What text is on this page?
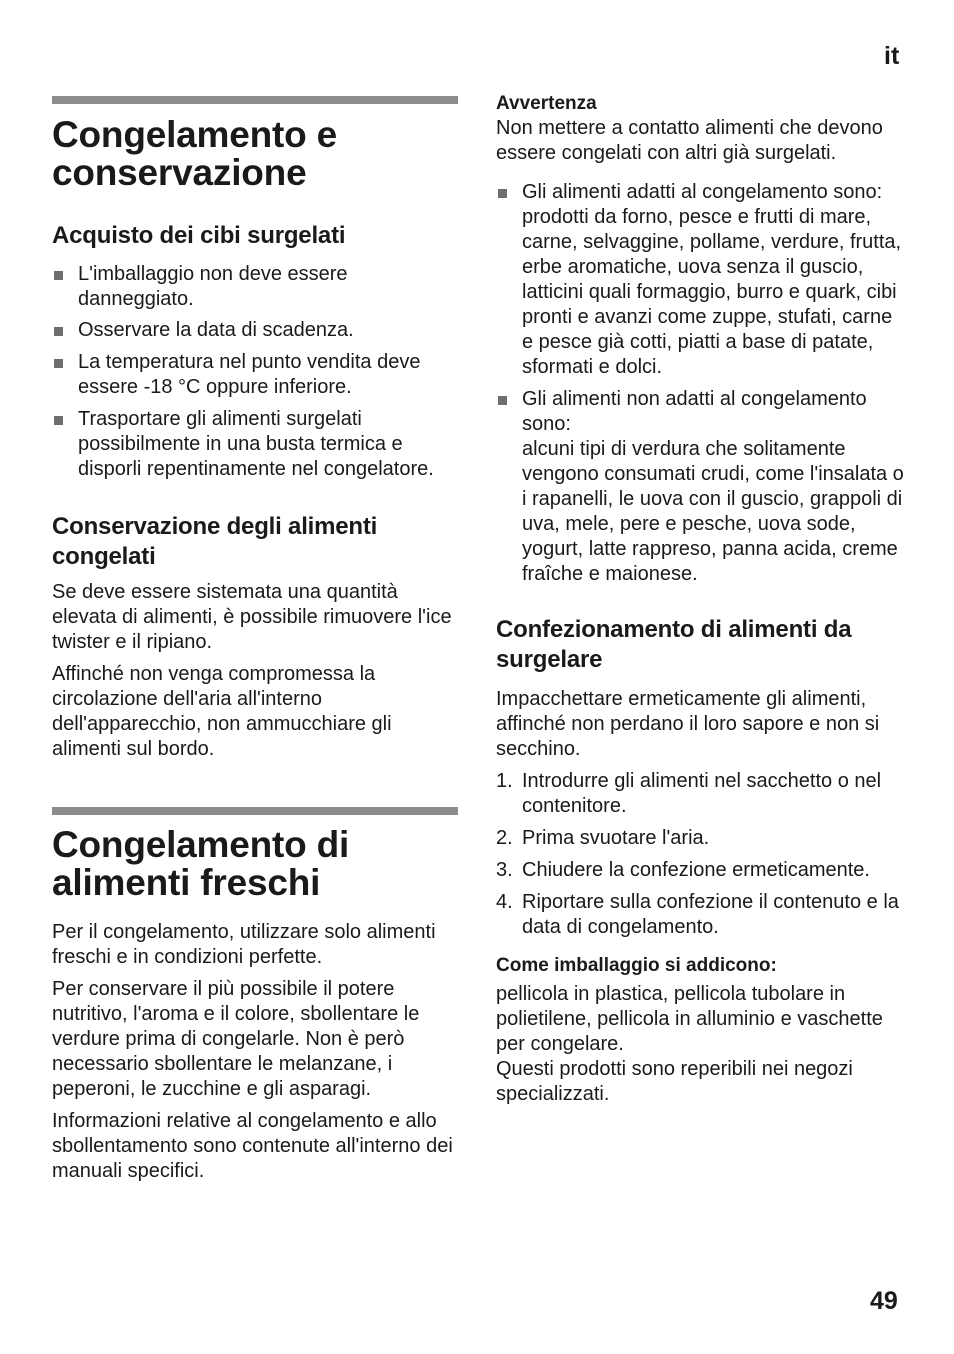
it
Congelamento e conservazione
Acquisto dei cibi surgelati
L'imballaggio non deve essere danneggiato.
Osservare la data di scadenza.
La temperatura nel punto vendita deve essere -18 °C oppure inferiore.
Trasportare gli alimenti surgelati possibilmente in una busta termica e disporli repentinamente nel congelatore.
Conservazione degli alimenti congelati

Se deve essere sistemata una quantità elevata di alimenti, è possibile rimuovere l'ice twister e il ripiano.

Affinché non venga compromessa la circolazione dell'aria all'interno dell'apparecchio, non ammucchiare gli alimenti sul bordo.

Congelamento di alimenti freschi

Per il congelamento, utilizzare solo alimenti freschi e in condizioni perfette.

Per conservare il più possibile il potere nutritivo, l'aroma e il colore, sbollentare le verdure prima di congelarle. Non è però necessario sbollentare le melanzane, i peperoni, le zucchine e gli asparagi.

Informazioni relative al congelamento e allo sbollentamento sono contenute all'interno dei manuali specifici.

Avvertenza

Non mettere a contatto alimenti che devono essere congelati con altri già surgelati.

Gli alimenti adatti al congelamento sono:
prodotti da forno, pesce e frutti di mare, carne, selvaggine, pollame, verdure, frutta, erbe aromatiche, uova senza il guscio, latticini quali formaggio, burro e quark, cibi pronti e avanzi come zuppe, stufati, carne e pesce già cotti, piatti a base di patate, sformati e dolci.
Gli alimenti non adatti al congelamento sono:
alcuni tipi di verdura che solitamente vengono consumati crudi, come l'insalata o i rapanelli, le uova con il guscio, grappoli di uva, mele, pere e pesche, uova sode, yogurt, latte rappreso, panna acida, creme fraîche e maionese.
Confezionamento di alimenti da surgelare

Impacchettare ermeticamente gli alimenti, affinché non perdano il loro sapore e non si secchino.

1. Introdurre gli alimenti nel sacchetto o nel contenitore.
2. Prima svuotare l'aria.
3. Chiudere la confezione ermeticamente.
4. Riportare sulla confezione il contenuto e la data di congelamento.
Come imballaggio si addicono:

pellicola in plastica, pellicola tubolare in polietilene, pellicola in alluminio e vaschette per congelare.
Questi prodotti sono reperibili nei negozi specializzati.

49
